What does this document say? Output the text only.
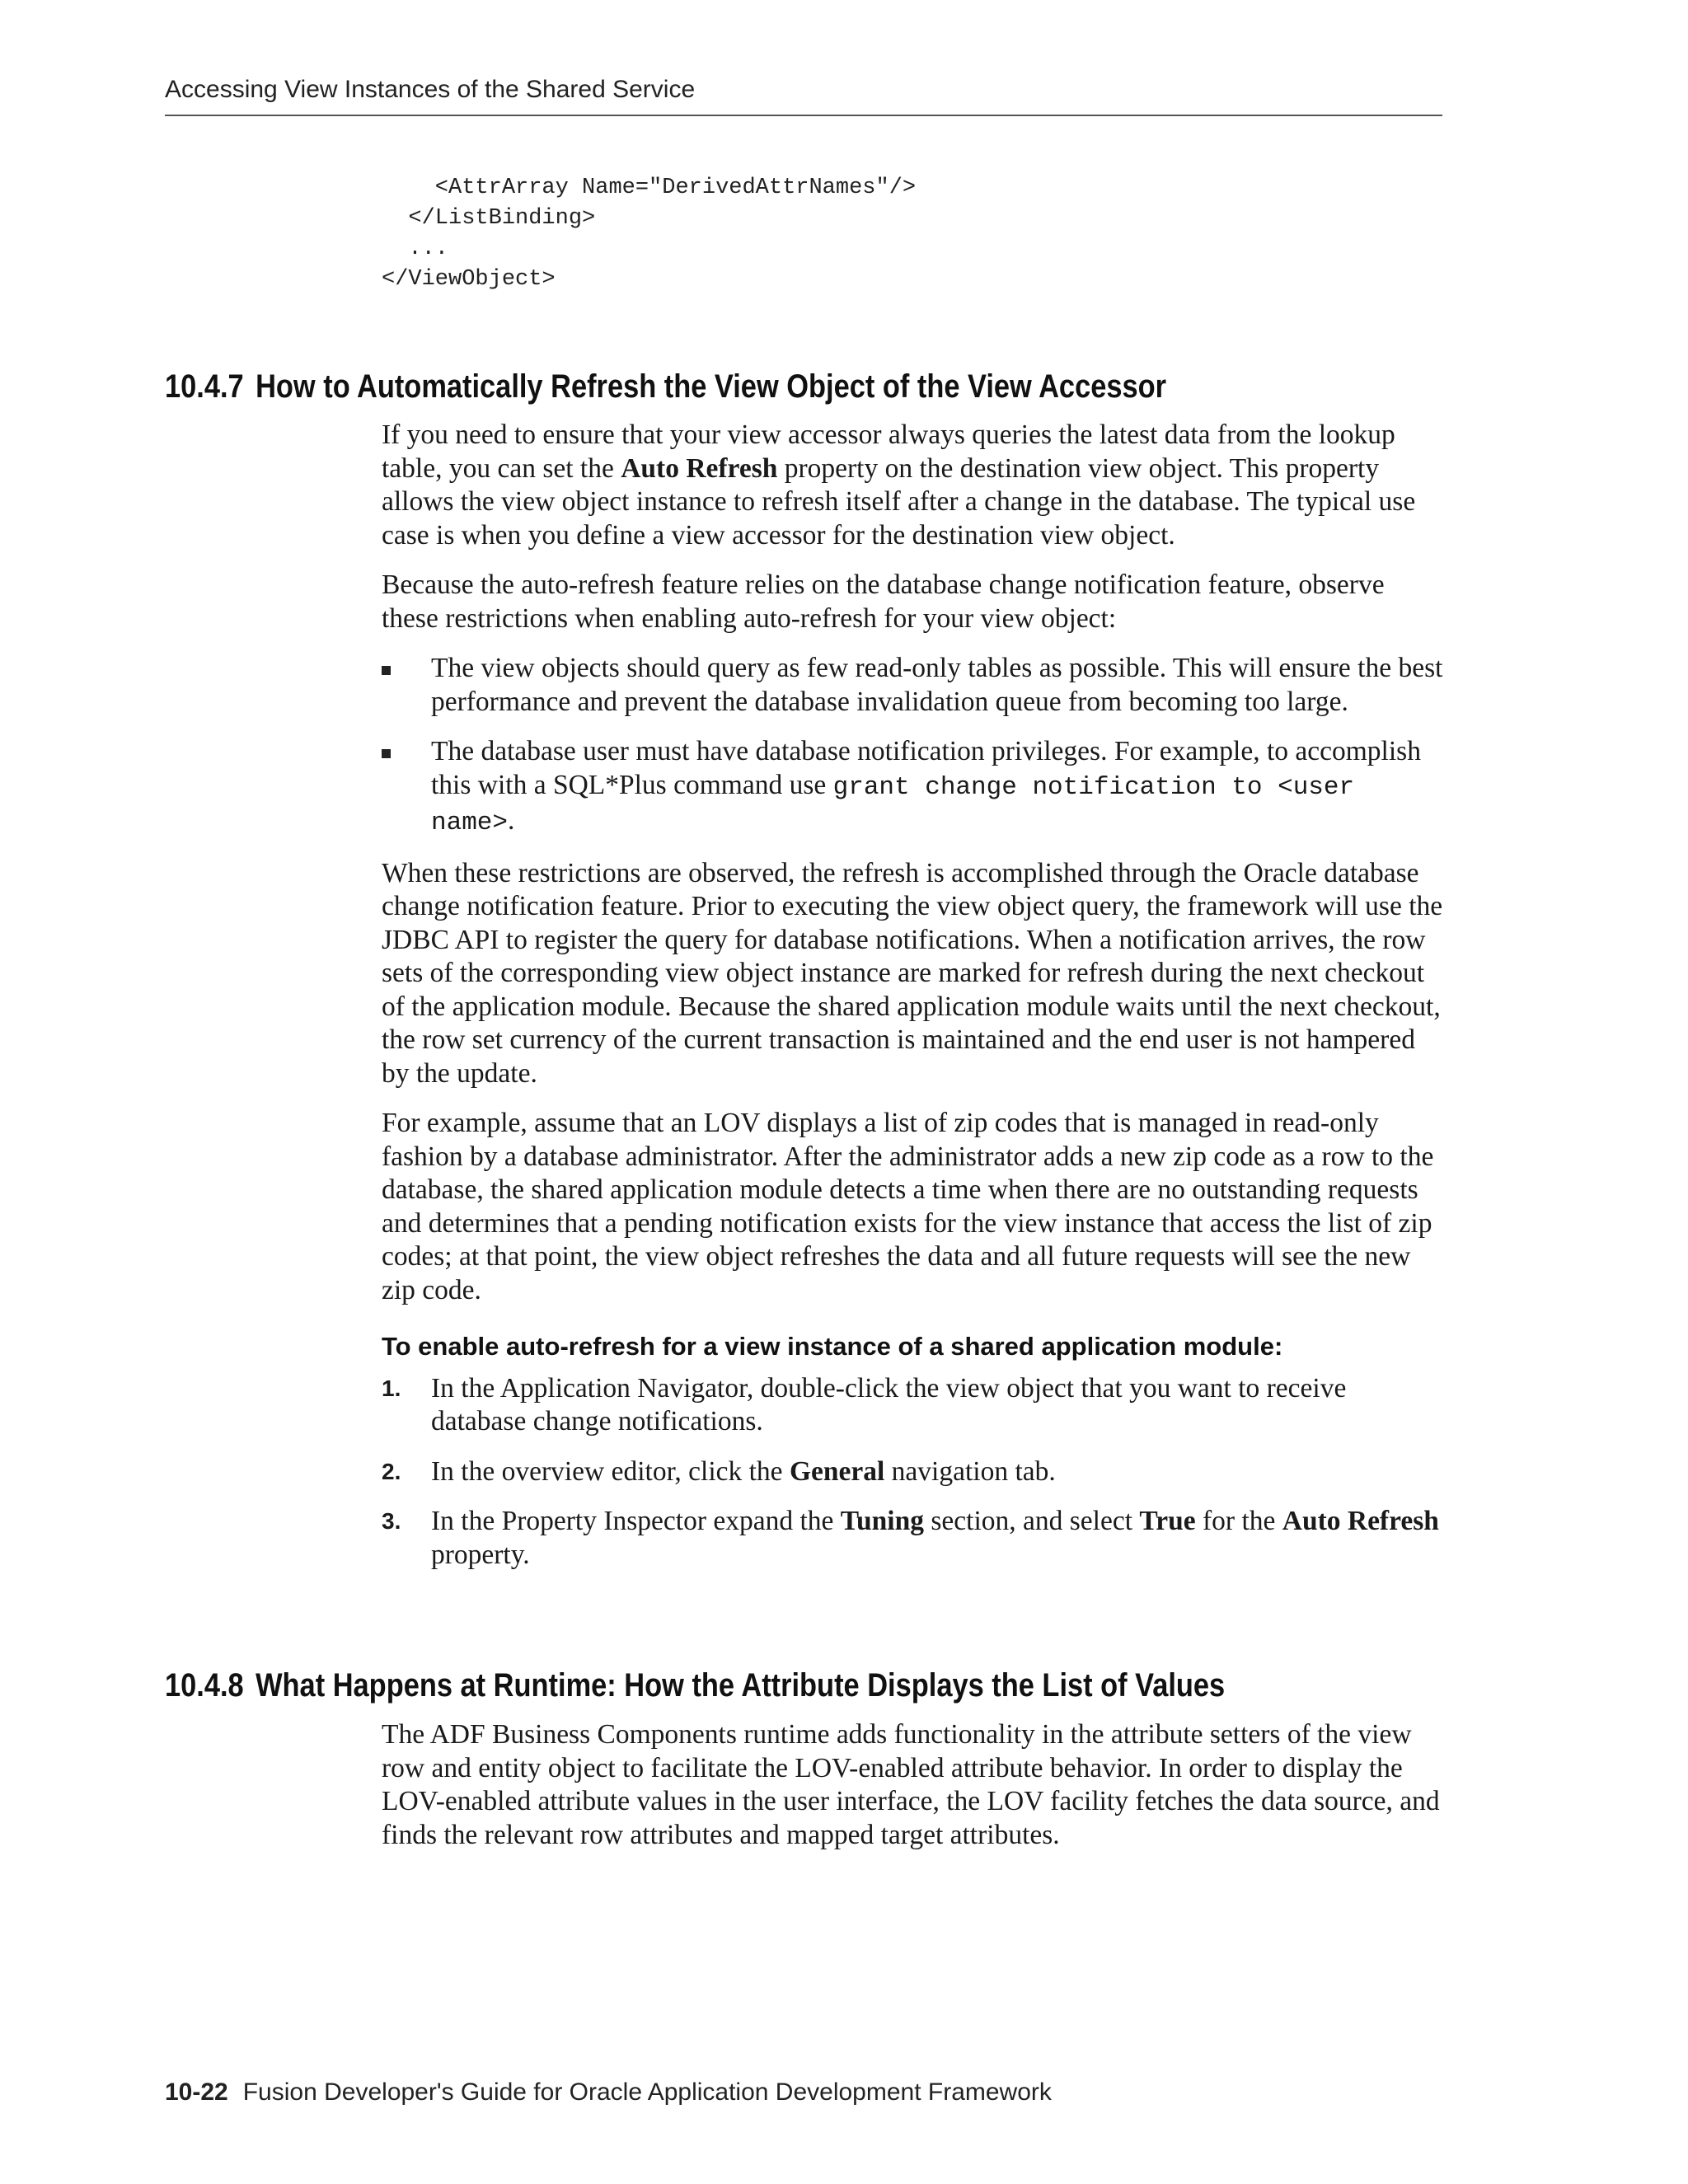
Accessing View Instances of the Shared Service
<AttrArray Name="DerivedAttrNames"/>
</ListBinding>
...
</ViewObject>
10.4.7 How to Automatically Refresh the View Object of the View Accessor

If you need to ensure that your view accessor always queries the latest data from the lookup table, you can set the Auto Refresh property on the destination view object. This property allows the view object instance to refresh itself after a change in the database. The typical use case is when you define a view accessor for the destination view object.

Because the auto-refresh feature relies on the database change notification feature, observe these restrictions when enabling auto-refresh for your view object:

The view objects should query as few read-only tables as possible. This will ensure the best performance and prevent the database invalidation queue from becoming too large.
The database user must have database notification privileges. For example, to accomplish this with a SQL*Plus command use grant change notification to <user name>.

When these restrictions are observed, the refresh is accomplished through the Oracle database change notification feature. Prior to executing the view object query, the framework will use the JDBC API to register the query for database notifications. When a notification arrives, the row sets of the corresponding view object instance are marked for refresh during the next checkout of the application module. Because the shared application module waits until the next checkout, the row set currency of the current transaction is maintained and the end user is not hampered by the update.

For example, assume that an LOV displays a list of zip codes that is managed in read-only fashion by a database administrator. After the administrator adds a new zip code as a row to the database, the shared application module detects a time when there are no outstanding requests and determines that a pending notification exists for the view instance that access the list of zip codes; at that point, the view object refreshes the data and all future requests will see the new zip code.

To enable auto-refresh for a view instance of a shared application module:
1. In the Application Navigator, double-click the view object that you want to receive database change notifications.
2. In the overview editor, click the General navigation tab.
3. In the Property Inspector expand the Tuning section, and select True for the Auto Refresh property.
10.4.8 What Happens at Runtime: How the Attribute Displays the List of Values

The ADF Business Components runtime adds functionality in the attribute setters of the view row and entity object to facilitate the LOV-enabled attribute behavior. In order to display the LOV-enabled attribute values in the user interface, the LOV facility fetches the data source, and finds the relevant row attributes and mapped target attributes.

10-22 Fusion Developer's Guide for Oracle Application Development Framework
